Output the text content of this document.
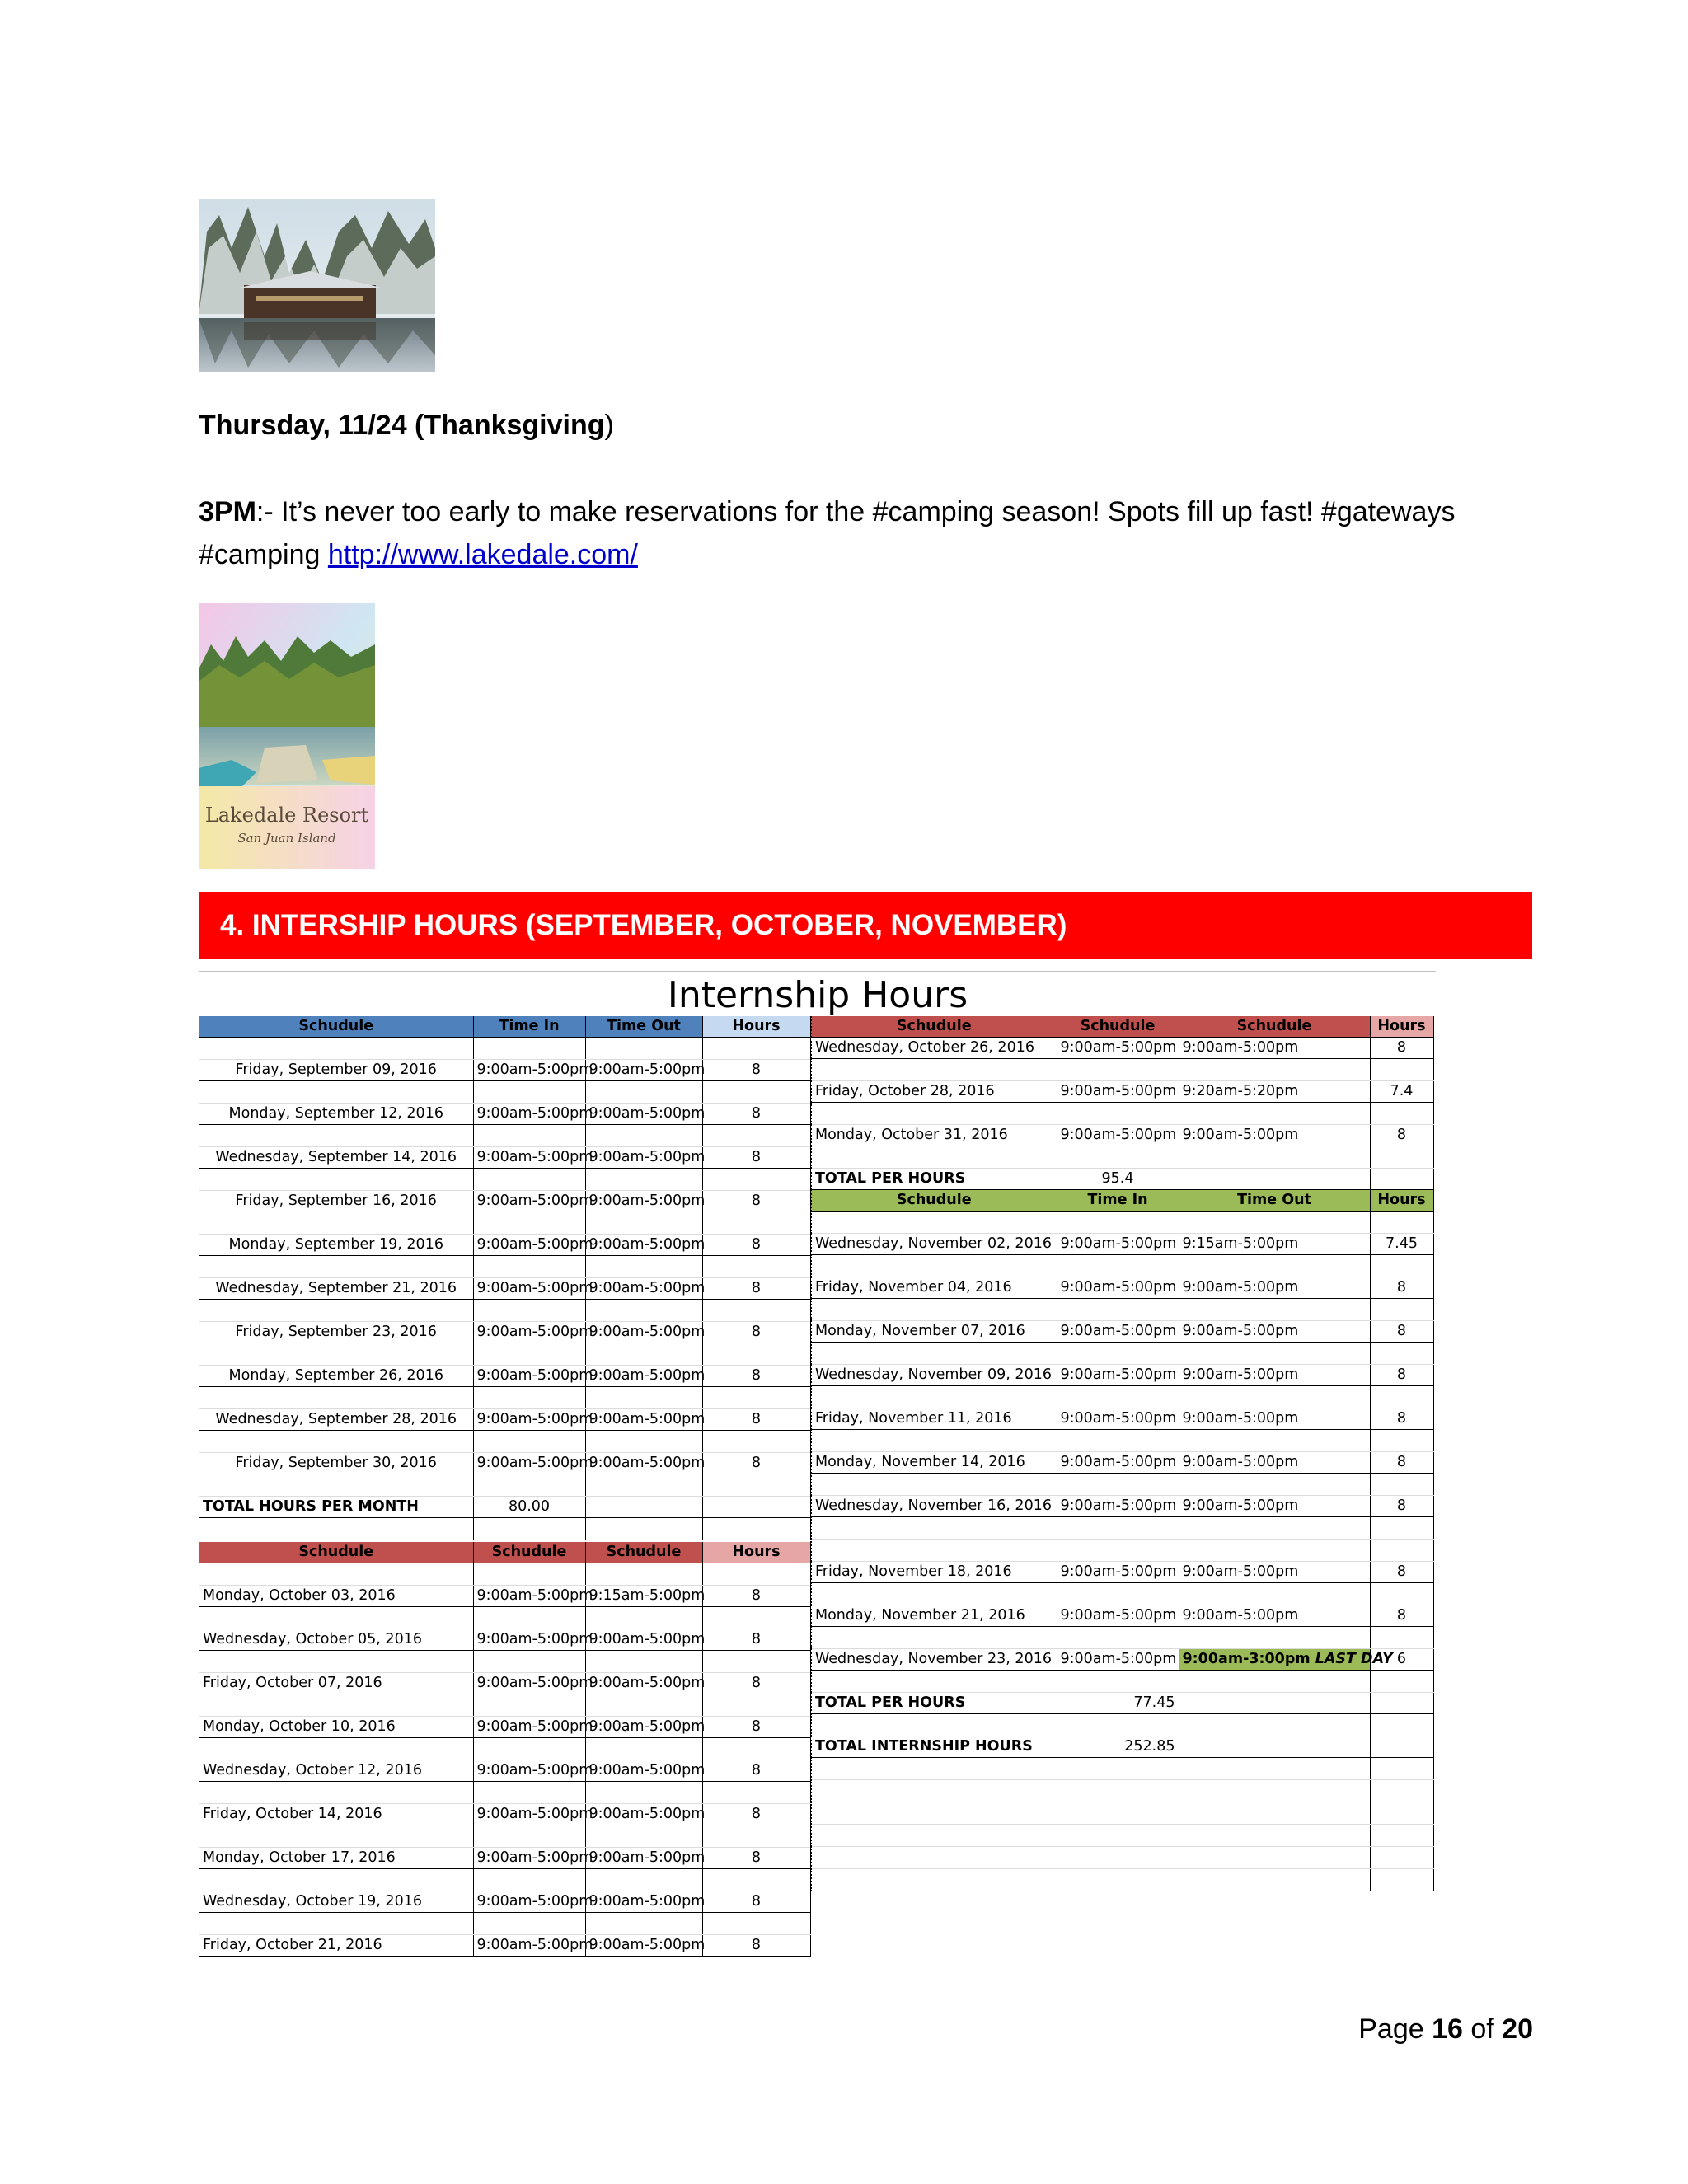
Thursday, 11/24 (Thanksgiving)
3PM:- It’s never too early to make reservations for the #camping season! Spots fill up fast! #gateways #camping http://www.lakedale.com/
Lakedale Resort
San Juan Island
4. INTERSHIP HOURS (SEPTEMBER, OCTOBER, NOVEMBER)
Internship Hours
Schudule	Time In	Time Out	Hours

Friday, September 09, 2016	9:00am-5:00pm	9:00am-5:00pm	8

Monday, September 12, 2016	9:00am-5:00pm	9:00am-5:00pm	8

Wednesday, September 14, 2016	9:00am-5:00pm	9:00am-5:00pm	8

Friday, September 16, 2016	9:00am-5:00pm	9:00am-5:00pm	8

Monday, September 19, 2016	9:00am-5:00pm	9:00am-5:00pm	8

Wednesday, September 21, 2016	9:00am-5:00pm	9:00am-5:00pm	8

Friday, September 23, 2016	9:00am-5:00pm	9:00am-5:00pm	8

Monday, September 26, 2016	9:00am-5:00pm	9:00am-5:00pm	8

Wednesday, September 28, 2016	9:00am-5:00pm	9:00am-5:00pm	8

Friday, September 30, 2016	9:00am-5:00pm	9:00am-5:00pm	8

TOTAL HOURS PER MONTH	80.00		

Schudule	Schudule	Schudule	Hours

Monday, October 03, 2016	9:00am-5:00pm	9:15am-5:00pm	8

Wednesday, October 05, 2016	9:00am-5:00pm	9:00am-5:00pm	8

Friday, October 07, 2016	9:00am-5:00pm	9:00am-5:00pm	8

Monday, October 10, 2016	9:00am-5:00pm	9:00am-5:00pm	8

Wednesday, October 12, 2016	9:00am-5:00pm	9:00am-5:00pm	8

Friday, October 14, 2016	9:00am-5:00pm	9:00am-5:00pm	8

Monday, October 17, 2016	9:00am-5:00pm	9:00am-5:00pm	8

Wednesday, October 19, 2016	9:00am-5:00pm	9:00am-5:00pm	8

Friday, October 21, 2016	9:00am-5:00pm	9:00am-5:00pm	8
Schudule	Schudule	Schudule	Hours
Wednesday, October 26, 2016	9:00am-5:00pm	9:00am-5:00pm	8

Friday, October 28, 2016	9:00am-5:00pm	9:20am-5:20pm	7.4

Monday, October 31, 2016	9:00am-5:00pm	9:00am-5:00pm	8

TOTAL PER HOURS	95.4		
Schudule	Time In	Time Out	Hours

Wednesday, November 02, 2016	9:00am-5:00pm	9:15am-5:00pm	7.45

Friday, November 04, 2016	9:00am-5:00pm	9:00am-5:00pm	8

Monday, November 07, 2016	9:00am-5:00pm	9:00am-5:00pm	8

Wednesday, November 09, 2016	9:00am-5:00pm	9:00am-5:00pm	8

Friday, November 11, 2016	9:00am-5:00pm	9:00am-5:00pm	8

Monday, November 14, 2016	9:00am-5:00pm	9:00am-5:00pm	8

Wednesday, November 16, 2016	9:00am-5:00pm	9:00am-5:00pm	8

Friday, November 18, 2016	9:00am-5:00pm	9:00am-5:00pm	8

Monday, November 21, 2016	9:00am-5:00pm	9:00am-5:00pm	8

Wednesday, November 23, 2016	9:00am-5:00pm	9:00am-3:00pm LAST DAY	6

TOTAL PER HOURS	77.45		

TOTAL INTERNSHIP HOURS	252.85		

Page 16 of 20
